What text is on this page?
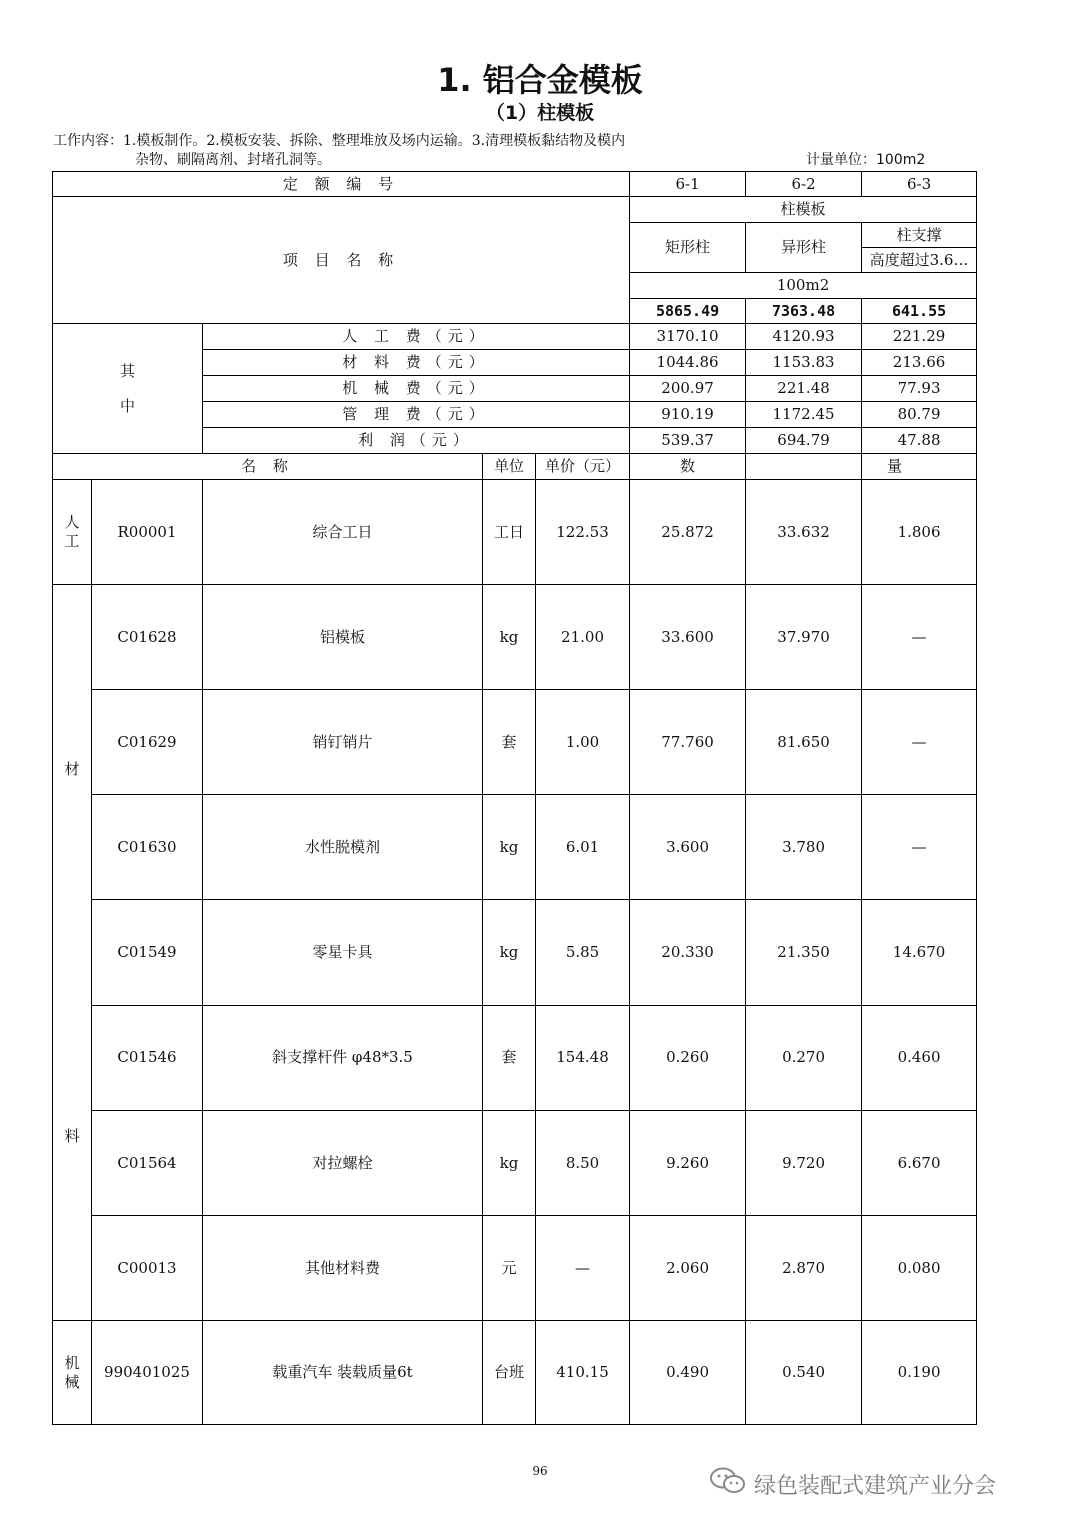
1. 铝合金模板
（1）柱模板
工作内容：1.模板制作。2.模板安装、拆除、整理堆放及场内运输。3.清理模板黏结物及模内
杂物、刷隔离剂、封堵孔洞等。	计量单位：100m2
定 额 编 号					6-1	6-2	6-3
项 目 名 称					柱模板		
					矩形柱	异形柱	柱支撑
							高度超过3.6…
					100m2		
					5865.49	7363.48	641.55

其
中		人 工 费（元）			3170.10	4120.93	221.29
		材 料 费（元）			1044.86	1153.83	213.66
		机 械 费（元）			200.97	221.48	77.93
		管 理 费（元）			910.19	1172.45	80.79
		利 润（元）			539.37	694.79	47.88
名 称			单位	单价（元）	数		量
人工	R00001	综合工日	工日	122.53	25.872	33.632	1.806

材
料	C01628	铝模板	kg	21.00	33.600	37.970	—
	C01629	销钉销片	套	1.00	77.760	81.650	—
	C01630	水性脱模剂	kg	6.01	3.600	3.780	—
	C01549	零星卡具	kg	5.85	20.330	21.350	14.670
	C01546	斜支撑杆件 φ48*3.5	套	154.48	0.260	0.270	0.460
	C01564	对拉螺栓	kg	8.50	9.260	9.720	6.670
	C00013	其他材料费	元	—	2.060	2.870	0.080
机械	990401025	载重汽车 装载质量6t	台班	410.15	0.490	0.540	0.190
96
绿色装配式建筑产业分会
